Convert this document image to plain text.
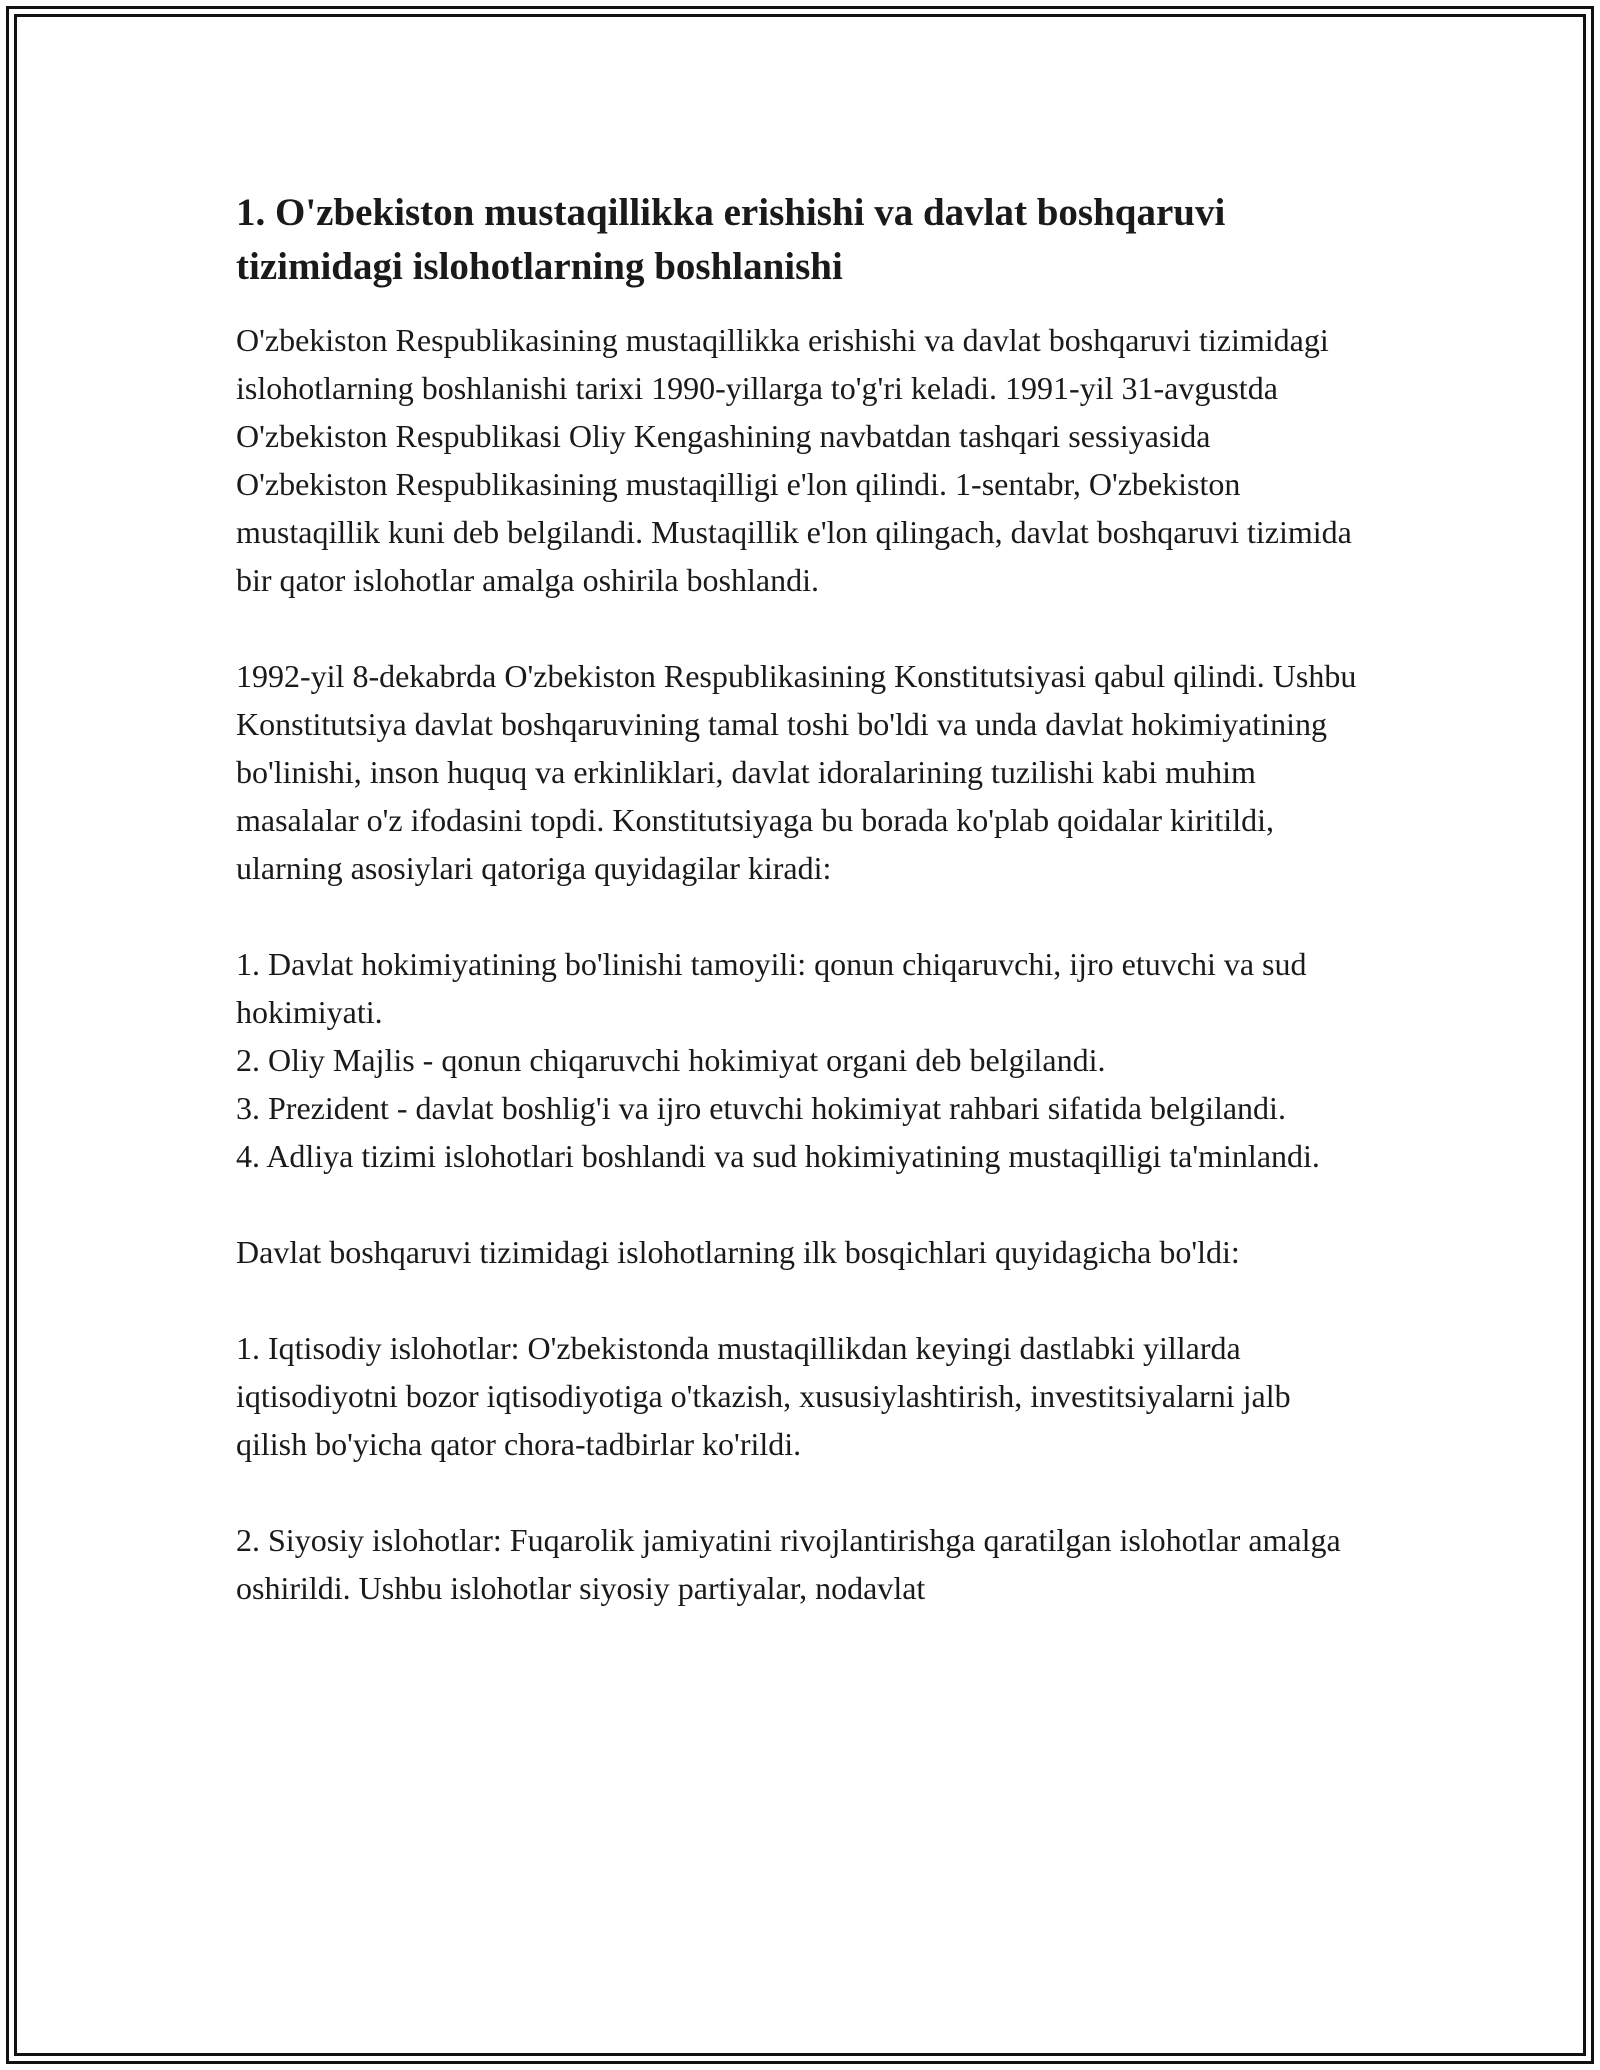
1. O'zbekiston mustaqillikka erishishi va davlat boshqaruvi tizimidagi islohotlarning boshlanishi

O'zbekiston Respublikasining mustaqillikka erishishi va davlat boshqaruvi tizimidagi islohotlarning boshlanishi tarixi 1990-yillarga to'g'ri keladi. 1991-yil 31-avgustda O'zbekiston Respublikasi Oliy Kengashining navbatdan tashqari sessiyasida O'zbekiston Respublikasining mustaqilligi e'lon qilindi. 1-sentabr, O'zbekiston mustaqillik kuni deb belgilandi. Mustaqillik e'lon qilingach, davlat boshqaruvi tizimida bir qator islohotlar amalga oshirila boshlandi.

1992-yil 8-dekabrda O'zbekiston Respublikasining Konstitutsiyasi qabul qilindi. Ushbu Konstitutsiya davlat boshqaruvining tamal toshi bo'ldi va unda davlat hokimiyatining bo'linishi, inson huquq va erkinliklari, davlat idoralarining tuzilishi kabi muhim masalalar o'z ifodasini topdi. Konstitutsiyaga bu borada ko'plab qoidalar kiritildi, ularning asosiylari qatoriga quyidagilar kiradi:

1. Davlat hokimiyatining bo'linishi tamoyili: qonun chiqaruvchi, ijro etuvchi va sud hokimiyati.

2. Oliy Majlis - qonun chiqaruvchi hokimiyat organi deb belgilandi.

3. Prezident - davlat boshlig'i va ijro etuvchi hokimiyat rahbari sifatida belgilandi.

4. Adliya tizimi islohotlari boshlandi va sud hokimiyatining mustaqilligi ta'minlandi.

Davlat boshqaruvi tizimidagi islohotlarning ilk bosqichlari quyidagicha bo'ldi:

1. Iqtisodiy islohotlar: O'zbekistonda mustaqillikdan keyingi dastlabki yillarda iqtisodiyotni bozor iqtisodiyotiga o'tkazish, xususiylashtirish, investitsiyalarni jalb qilish bo'yicha qator chora-tadbirlar ko'rildi.

2. Siyosiy islohotlar: Fuqarolik jamiyatini rivojlantirishga qaratilgan islohotlar amalga oshirildi. Ushbu islohotlar siyosiy partiyalar, nodavlat
